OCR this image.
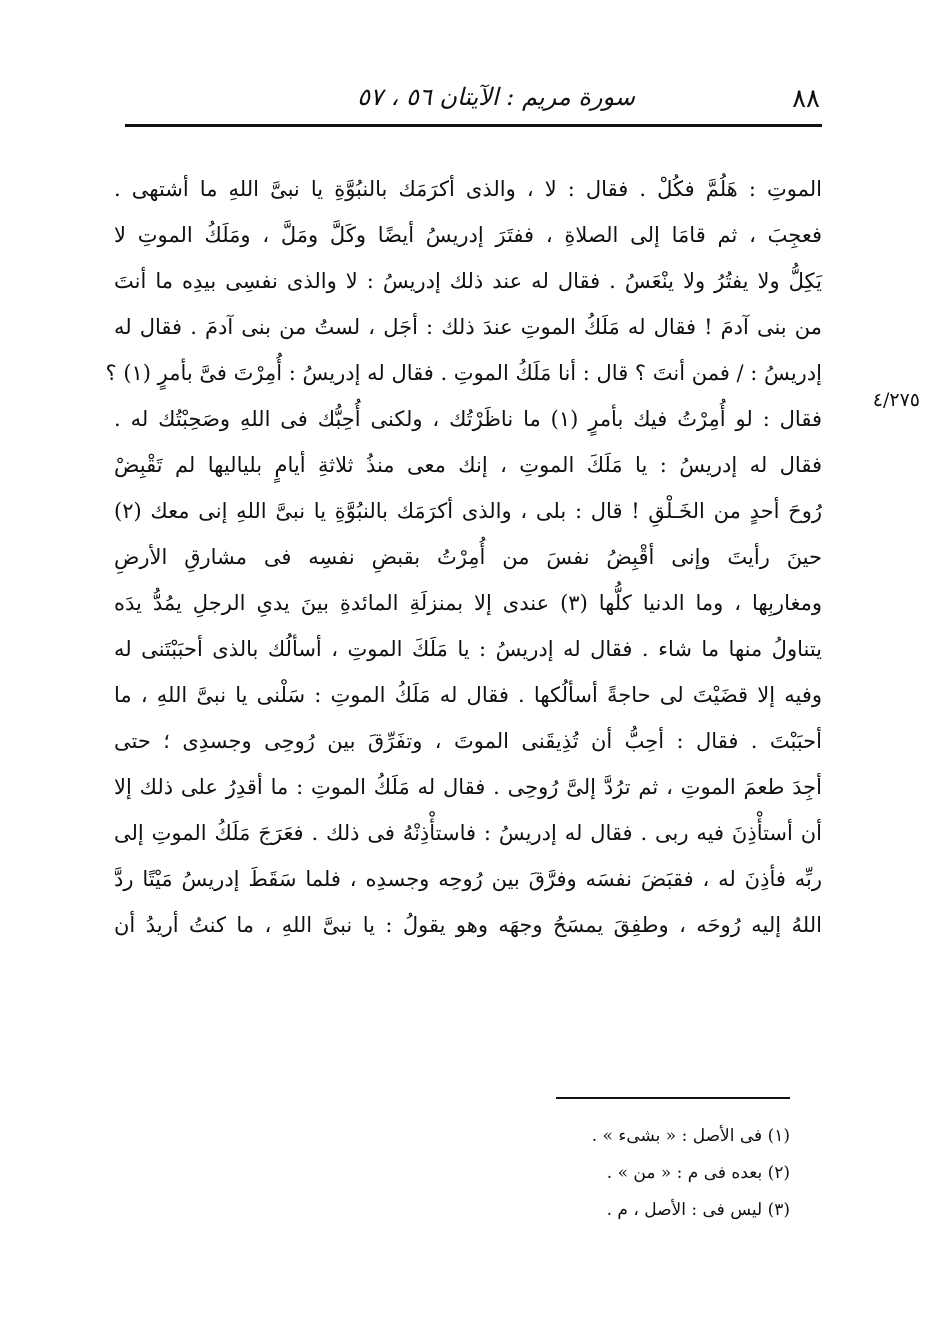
٨٨
سورة مريم : الآيتان ٥٦ ، ٥٧
٤/٢٧٥
الموتِ : هَلُمَّ فكُلْ . فقال : لا ، والذى أكرَمَك بالنبُوَّةِ يا نبىَّ اللهِ ما أشتهى .
فعجِبَ ، ثم قامَا إلى الصلاةِ ، ففتَرَ إدريسُ أيضًا وكَلَّ ومَلَّ ، ومَلَكُ الموتِ لا
يَكِلُّ ولا يفتُرُ ولا ينْعَسُ . فقال له عند ذلك إدريسُ : لا والذى نفسِى بيدِه ما أنتَ
من بنى آدمَ ! فقال له مَلَكُ الموتِ عندَ ذلك : أجَل ، لستُ من بنى آدمَ . فقال له
إدريسُ : / فمن أنتَ ؟ قال : أنا مَلَكُ الموتِ . فقال له إدريسُ : أُمِرْتَ فىَّ بأمرٍ (١) ؟
فقال : لو أُمِرْتُ فيك بأمرٍ (١) ما ناظَرْتُك ، ولكنى أُحِبُّك فى اللهِ وصَحِبْتُك له .
فقال له إدريسُ : يا مَلَكَ الموتِ ، إنك معى منذُ ثلاثةِ أيامٍ بلياليها لم تَقْبِضْ
رُوحَ أحدٍ من الخَـلْقِ ! قال : بلى ، والذى أكرَمَك بالنبُوَّةِ يا نبىَّ اللهِ إنى معك (٢)
حينَ رأيتَ وإنى أقْبِضُ نفسَ من أُمِرْتُ بقبضِ نفسِه فى مشارقِ الأرضِ
ومغاربِها ، وما الدنيا كلُّها (٣) عندى إلا بمنزلَةِ المائدةِ بينَ يدىِ الرجلِ يمُدُّ يدَه
يتناولُ منها ما شاء . فقال له إدريسُ : يا مَلَكَ الموتِ ، أسألُك بالذى أحبَبْتَنى له
وفيه إلا قضَيْتَ لى حاجةً أسألُكها . فقال له مَلَكُ الموتِ : سَلْنى يا نبىَّ اللهِ ، ما
أحبَبْتَ . فقال : أحِبُّ أن تُذِيقَنى الموتَ ، وتفَرِّقَ بين رُوحِى وجسدِى ؛ حتى
أجِدَ طعمَ الموتِ ، ثم ترُدَّ إلىَّ رُوحِى . فقال له مَلَكُ الموتِ : ما أقدِرُ على ذلك إلا
أن أستأْذِنَ فيه ربى . فقال له إدريسُ : فاستأْذِنْهُ فى ذلك . فعَرَجَ مَلَكُ الموتِ إلى
ربِّه فأذِنَ له ، فقبَضَ نفسَه وفرَّقَ بين رُوحِه وجسدِه ، فلما سَقَطَ إدريسُ مَيْتًا ردَّ
اللهُ إليه رُوحَه ، وطفِقَ يمسَحُ وجهَه وهو يقولُ : يا نبىَّ اللهِ ، ما كنتُ أريدُ أن
(١) فى الأصل : « بشىء » .
(٢) بعده فى م : « من » .
(٣) ليس فى : الأصل ، م .
